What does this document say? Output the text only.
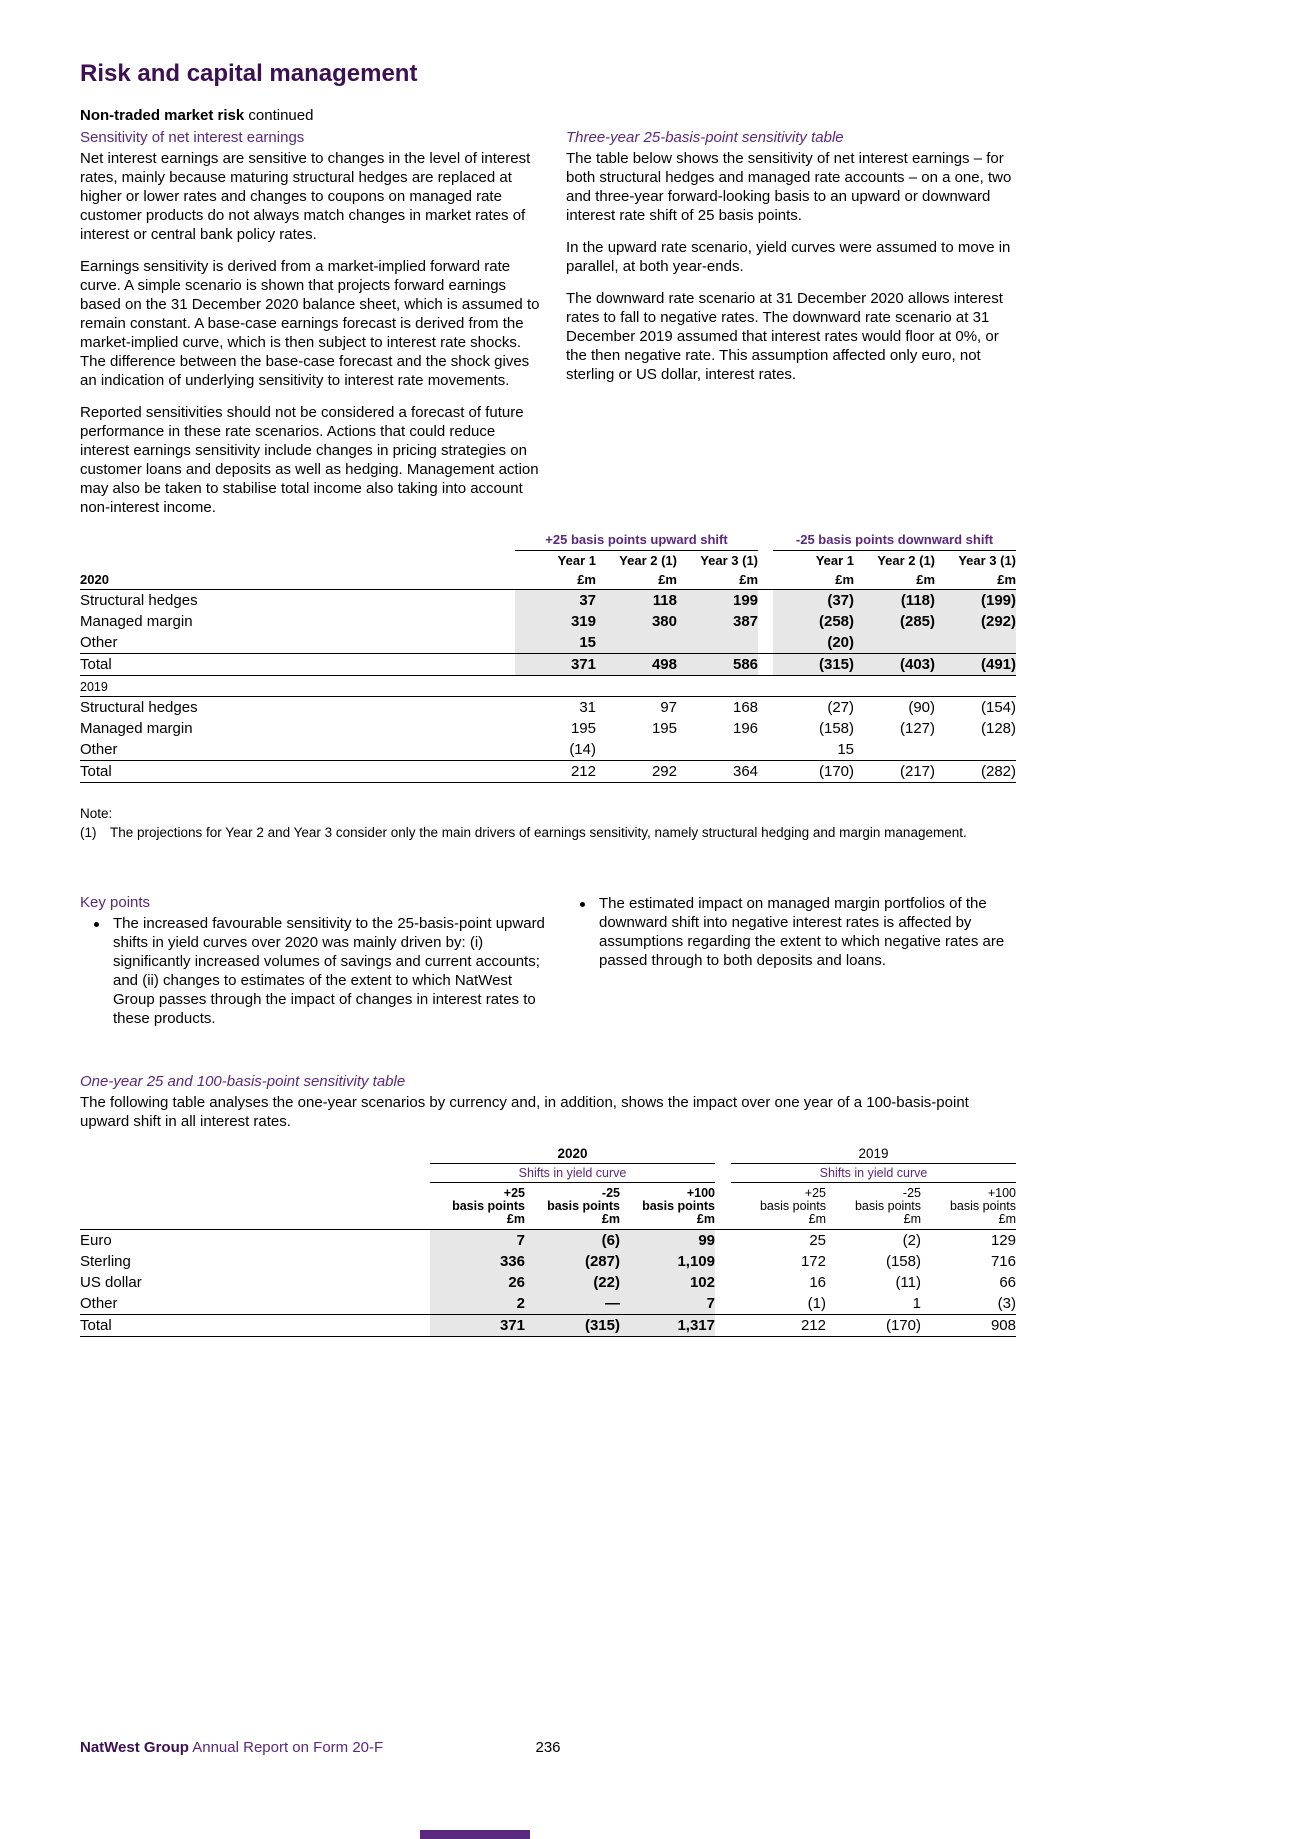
Risk and capital management

Non-traded market risk continued

Sensitivity of net interest earnings

Net interest earnings are sensitive to changes in the level of interest rates, mainly because maturing structural hedges are replaced at higher or lower rates and changes to coupons on managed rate customer products do not always match changes in market rates of interest or central bank policy rates.

Earnings sensitivity is derived from a market-implied forward rate curve. A simple scenario is shown that projects forward earnings based on the 31 December 2020 balance sheet, which is assumed to remain constant. A base-case earnings forecast is derived from the market-implied curve, which is then subject to interest rate shocks. The difference between the base-case forecast and the shock gives an indication of underlying sensitivity to interest rate movements.

Reported sensitivities should not be considered a forecast of future performance in these rate scenarios. Actions that could reduce interest earnings sensitivity include changes in pricing strategies on customer loans and deposits as well as hedging. Management action may also be taken to stabilise total income also taking into account non-interest income.

Three-year 25-basis-point sensitivity table

The table below shows the sensitivity of net interest earnings – for both structural hedges and managed rate accounts – on a one, two and three-year forward-looking basis to an upward or downward interest rate shift of 25 basis points.

In the upward rate scenario, yield curves were assumed to move in parallel, at both year-ends.

The downward rate scenario at 31 December 2020 allows interest rates to fall to negative rates. The downward rate scenario at 31 December 2019 assumed that interest rates would floor at 0%, or the then negative rate. This assumption affected only euro, not sterling or US dollar, interest rates.

	+25 basis points upward shift				-25 basis points downward shift		
	Year 1	Year 2 (1)	Year 3 (1)		Year 1	Year 2 (1)	Year 3 (1)
2020	£m	£m	£m		£m	£m	£m
Structural hedges	37	118	199		(37)	(118)	(199)
Managed margin	319	380	387		(258)	(285)	(292)
Other	15				(20)		
Total	371	498	586		(315)	(403)	(491)
2019							
Structural hedges	31	97	168		(27)	(90)	(154)
Managed margin	195	195	196		(158)	(127)	(128)
Other	(14)				15		
Total	212	292	364		(170)	(217)	(282)

Note:

(1)	The projections for Year 2 and Year 3 consider only the main drivers of earnings sensitivity, namely structural hedging and margin management.
Key points

The increased favourable sensitivity to the 25-basis-point upward shifts in yield curves over 2020 was mainly driven by: (i) significantly increased volumes of savings and current accounts; and (ii) changes to estimates of the extent to which NatWest Group passes through the impact of changes in interest rates to these products.

The estimated impact on managed margin portfolios of the downward shift into negative interest rates is affected by assumptions regarding the extent to which negative rates are passed through to both deposits and loans.

One-year 25 and 100-basis-point sensitivity table

The following table analyses the one-year scenarios by currency and, in addition, shows the impact over one year of a 100-basis-point upward shift in all interest rates.

	2020				2019		
	Shifts in yield curve				Shifts in yield curve		

+25
basis points
£m

-25
basis points
£m

+100
basis points
£m

+25
basis points
£m

-25
basis points
£m

+100
basis points
£m

Euro	7	(6)	99		25	(2)	129
Sterling	336	(287)	1,109		172	(158)	716
US dollar	26	(22)	102		16	(11)	66
Other	2	—	7		(1)	1	(3)
Total	371	(315)	1,317		212	(170)	908
NatWest Group Annual Report on Form 20-F	236
